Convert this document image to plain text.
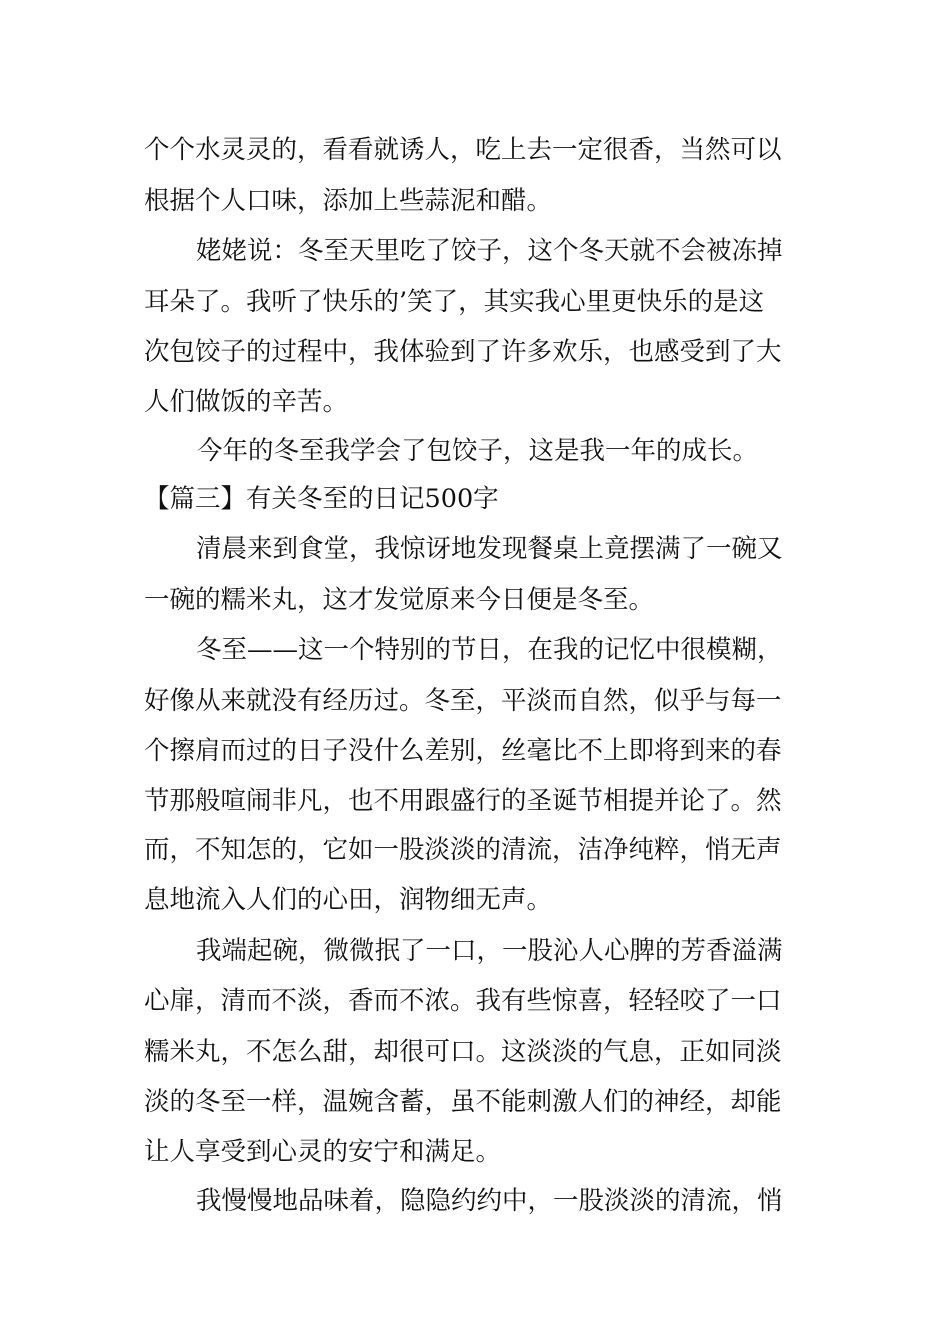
个个水灵灵的，看看就诱人，吃上去一定很香，当然可以
根据个人口味，添加上些蒜泥和醋。
姥姥说：冬至天里吃了饺子，这个冬天就不会被冻掉
耳朵了。我听了快乐的’笑了，其实我心里更快乐的是这
次包饺子的过程中，我体验到了许多欢乐，也感受到了大
人们做饭的辛苦。
今年的冬至我学会了包饺子，这是我一年的成长。
【篇三】有关冬至的日记500字
清晨来到食堂，我惊讶地发现餐桌上竟摆满了一碗又
一碗的糯米丸，这才发觉原来今日便是冬至。
冬至——这一个特别的节日，在我的记忆中很模糊，
好像从来就没有经历过。冬至，平淡而自然，似乎与每一
个擦肩而过的日子没什么差别，丝毫比不上即将到来的春
节那般喧闹非凡，也不用跟盛行的圣诞节相提并论了。然
而，不知怎的，它如一股淡淡的清流，洁净纯粹，悄无声
息地流入人们的心田，润物细无声。
我端起碗，微微抿了一口，一股沁人心脾的芳香溢满
心扉，清而不淡，香而不浓。我有些惊喜，轻轻咬了一口
糯米丸，不怎么甜，却很可口。这淡淡的气息，正如同淡
淡的冬至一样，温婉含蓄，虽不能刺激人们的神经，却能
让人享受到心灵的安宁和满足。
我慢慢地品味着，隐隐约约中，一股淡淡的清流，悄
